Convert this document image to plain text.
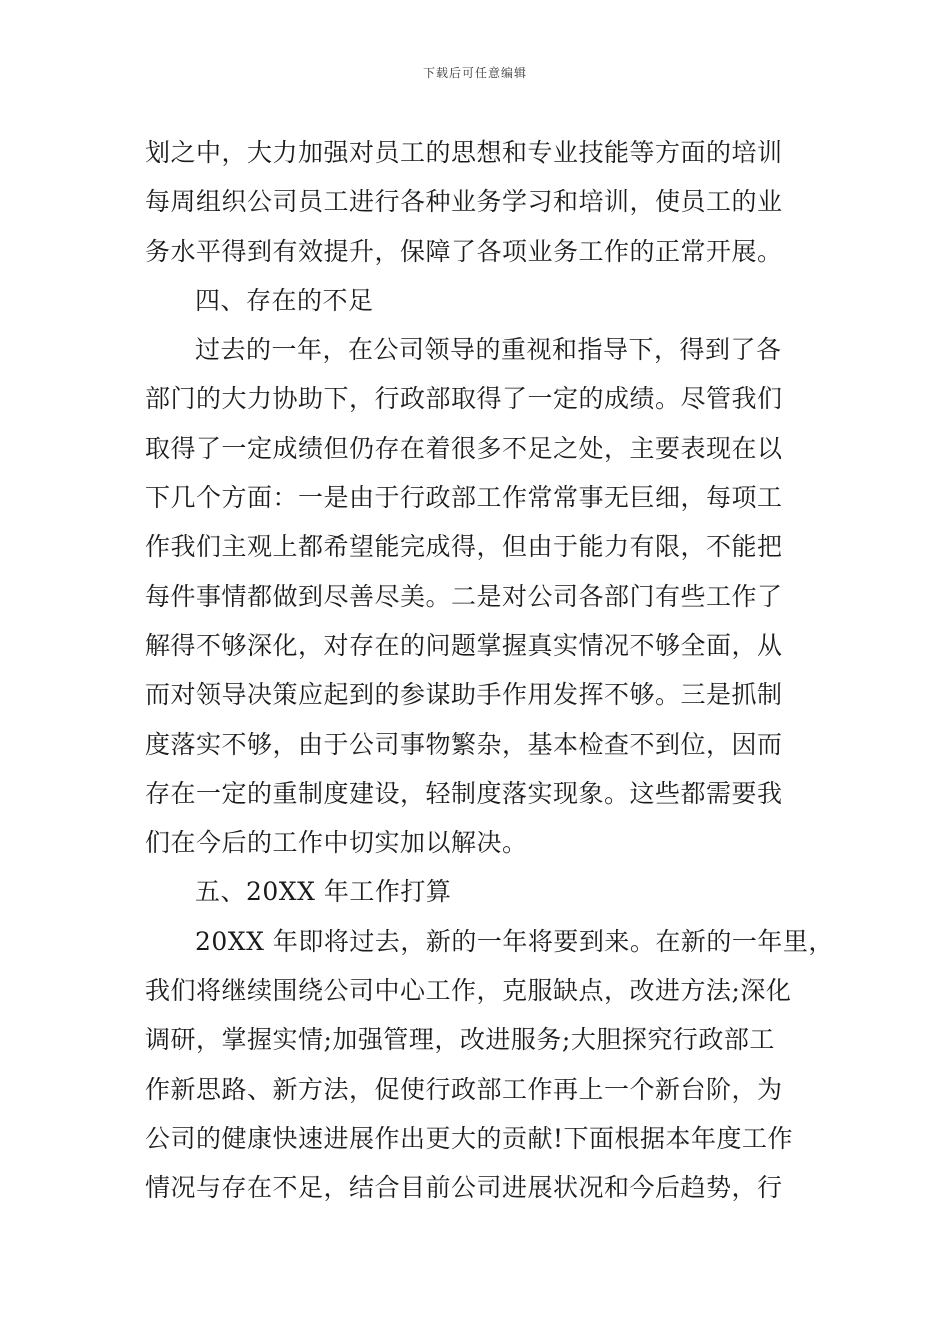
下载后可任意编辑
划之中，大力加强对员工的思想和专业技能等方面的培训
每周组织公司员工进行各种业务学习和培训，使员工的业
务水平得到有效提升，保障了各项业务工作的正常开展。
四、存在的不足
过去的一年，在公司领导的重视和指导下，得到了各
部门的大力协助下，行政部取得了一定的成绩。尽管我们
取得了一定成绩但仍存在着很多不足之处，主要表现在以
下几个方面：一是由于行政部工作常常事无巨细，每项工
作我们主观上都希望能完成得，但由于能力有限，不能把
每件事情都做到尽善尽美。二是对公司各部门有些工作了
解得不够深化，对存在的问题掌握真实情况不够全面，从
而对领导决策应起到的参谋助手作用发挥不够。三是抓制
度落实不够，由于公司事物繁杂，基本检查不到位，因而
存在一定的重制度建设，轻制度落实现象。这些都需要我
们在今后的工作中切实加以解决。
五、20XX 年工作打算
20XX 年即将过去，新的一年将要到来。在新的一年里，
我们将继续围绕公司中心工作，克服缺点，改进方法;深化
调研，掌握实情;加强管理，改进服务;大胆探究行政部工
作新思路、新方法，促使行政部工作再上一个新台阶，为
公司的健康快速进展作出更大的贡献!下面根据本年度工作
情况与存在不足，结合目前公司进展状况和今后趋势，行
